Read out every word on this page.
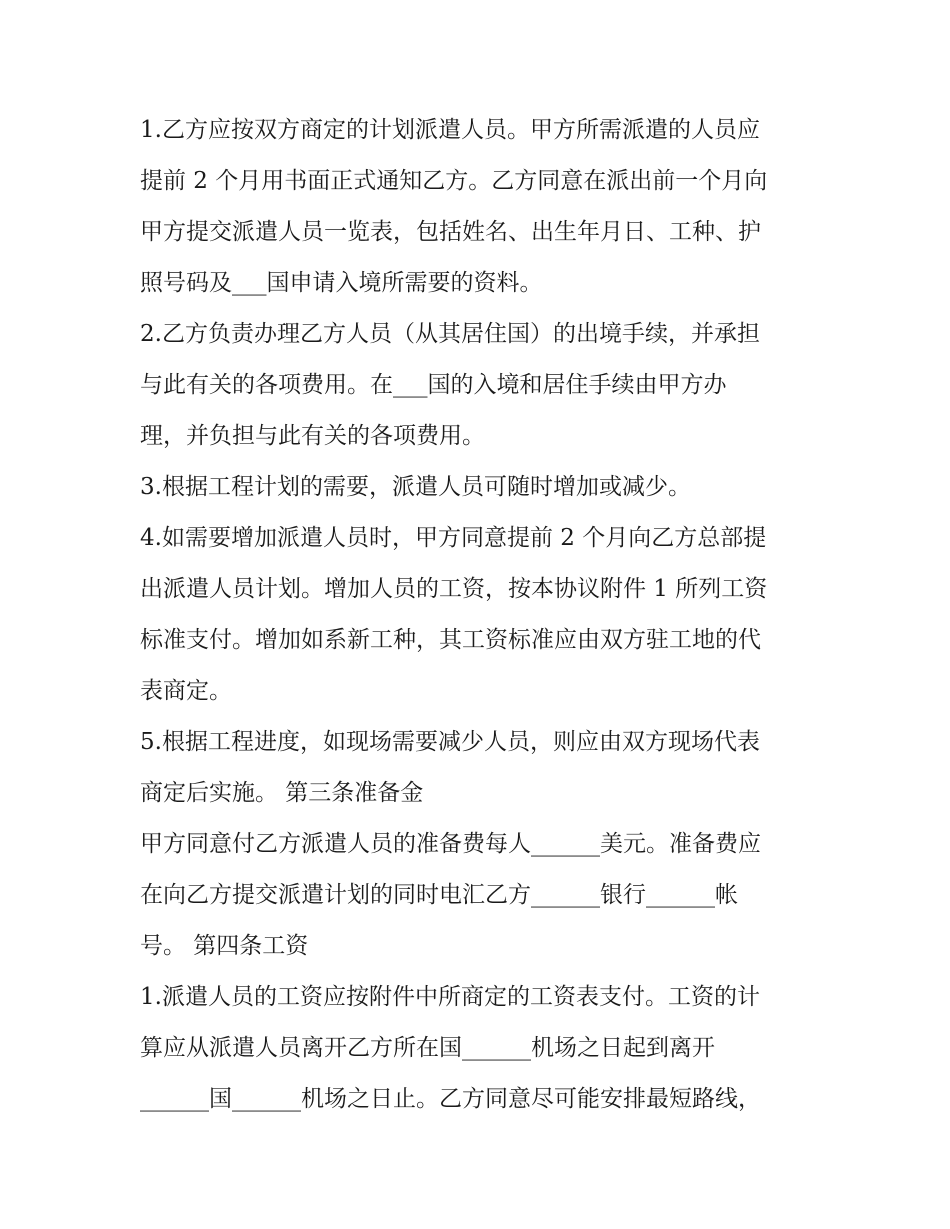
1.乙方应按双方商定的计划派遣人员。甲方所需派遣的人员应
提前 2 个月用书面正式通知乙方。乙方同意在派出前一个月向
甲方提交派遣人员一览表，包括姓名、出生年月日、工种、护
照号码及___国申请入境所需要的资料。
2.乙方负责办理乙方人员（从其居住国）的出境手续，并承担
与此有关的各项费用。在___国的入境和居住手续由甲方办
理，并负担与此有关的各项费用。
3.根据工程计划的需要，派遣人员可随时增加或减少。
4.如需要增加派遣人员时，甲方同意提前 2 个月向乙方总部提
出派遣人员计划。增加人员的工资，按本协议附件 1 所列工资
标准支付。增加如系新工种，其工资标准应由双方驻工地的代
表商定。
5.根据工程进度，如现场需要减少人员，则应由双方现场代表
商定后实施。 第三条准备金
甲方同意付乙方派遣人员的准备费每人______美元。准备费应
在向乙方提交派遣计划的同时电汇乙方______银行______帐
号。 第四条工资
1.派遣人员的工资应按附件中所商定的工资表支付。工资的计
算应从派遣人员离开乙方所在国______机场之日起到离开
______国______机场之日止。乙方同意尽可能安排最短路线，
